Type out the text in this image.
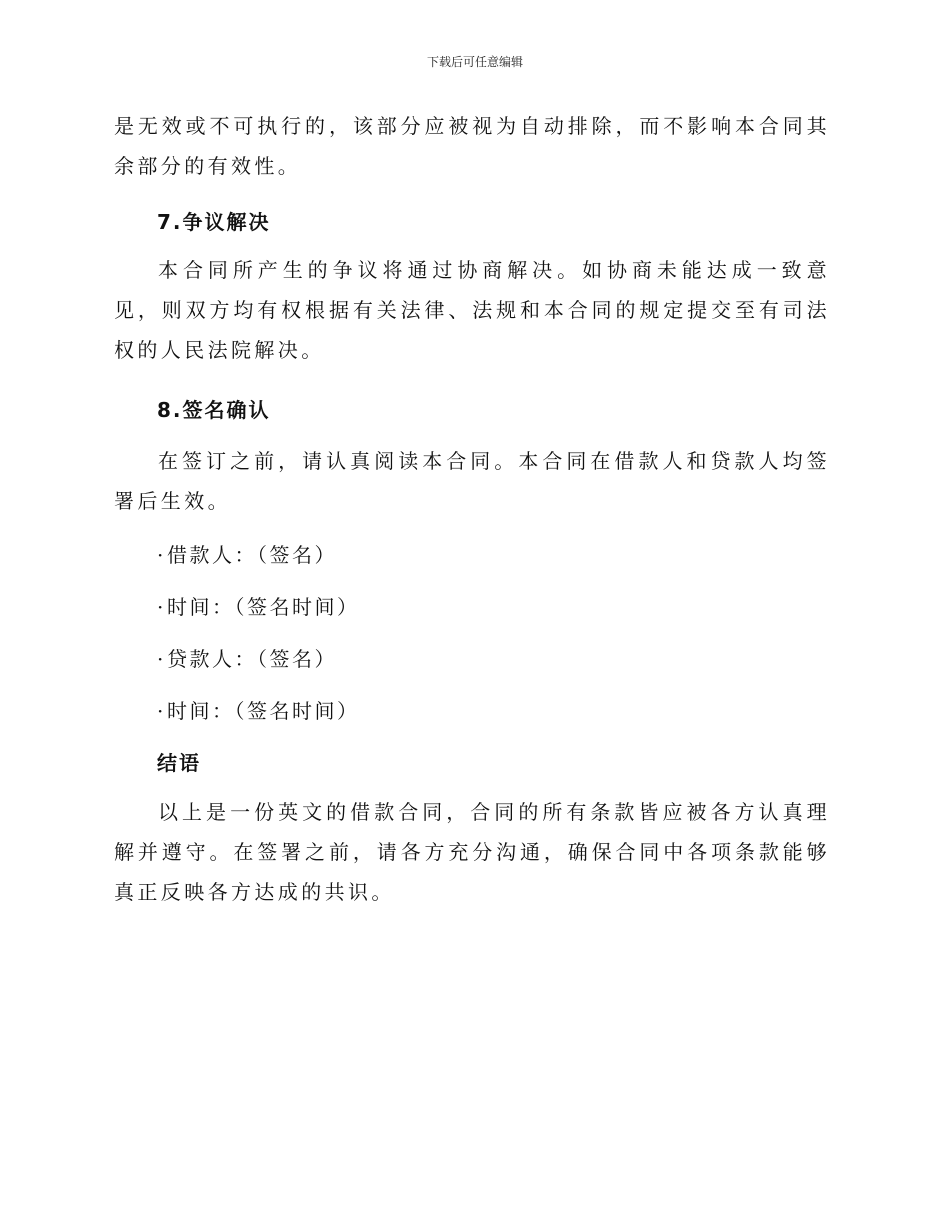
下载后可任意编辑

是无效或不可执行的，该部分应被视为自动排除，而不影响本合同其余部分的有效性。

7.争议解决

本合同所产生的争议将通过协商解决。如协商未能达成一致意见，则双方均有权根据有关法律、法规和本合同的规定提交至有司法权的人民法院解决。

8.签名确认

在签订之前，请认真阅读本合同。本合同在借款人和贷款人均签署后生效。

·借款人：（签名）
·时间：（签名时间）
·贷款人：（签名）
·时间：（签名时间）
结语

以上是一份英文的借款合同，合同的所有条款皆应被各方认真理解并遵守。在签署之前，请各方充分沟通，确保合同中各项条款能够真正反映各方达成的共识。
